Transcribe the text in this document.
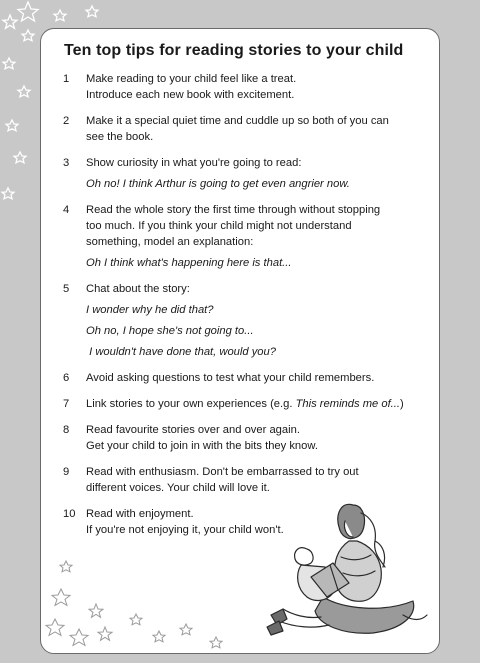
Ten top tips for reading stories to your child
1	Make reading to your child feel like a treat.
Introduce each new book with excitement.
2	Make it a special quiet time and cuddle up so both of you can
see the book.
3	Show curiosity in what you're going to read:
Oh no! I think Arthur is going to get even angrier now.
4	Read the whole story the first time through without stopping
too much. If you think your child might not understand
something, model an explanation:
Oh I think what's happening here is that...
5	Chat about the story:
I wonder why he did that?
Oh no, I hope she's not going to...
I wouldn't have done that, would you?
6	Avoid asking questions to test what your child remembers.
7	Link stories to your own experiences (e.g. This reminds me of...)
8	Read favourite stories over and over again.
Get your child to join in with the bits they know.
9	Read with enthusiasm. Don't be embarrassed to try out
different voices. Your child will love it.
10 Read with enjoyment.
If you're not enjoying it, your child won't.
